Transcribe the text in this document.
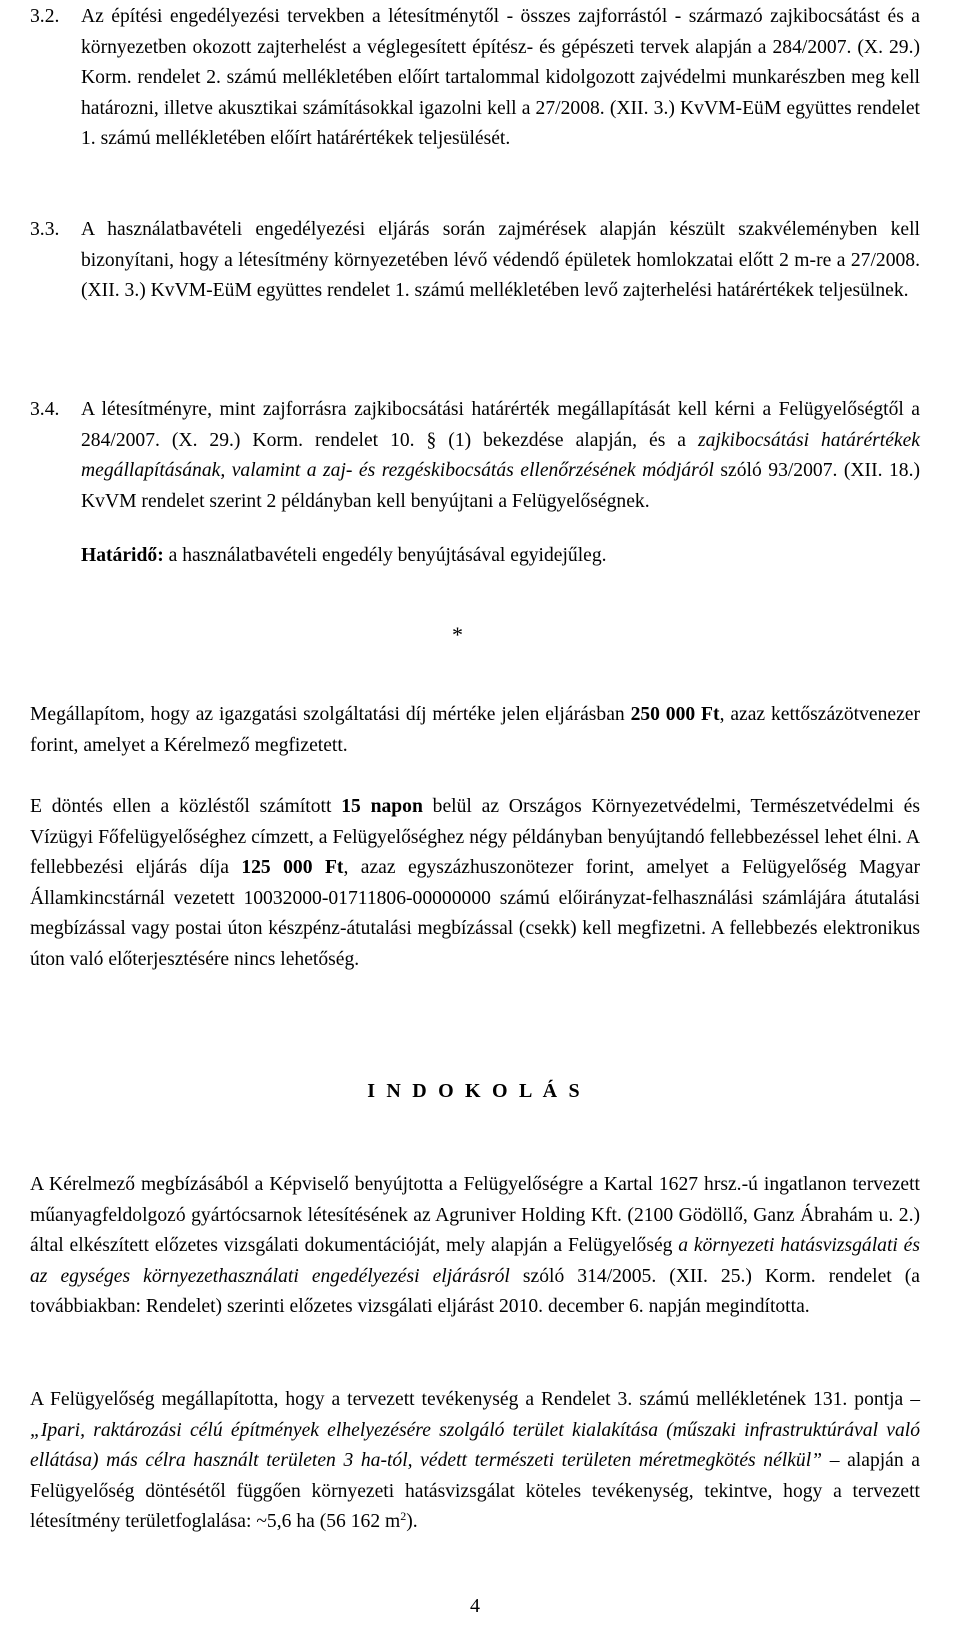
3.2.	Az építési engedélyezési tervekben a létesítménytől - összes zajforrástól - származó zajkibocsátást és a környezetben okozott zajterhelést a véglegesített építész- és gépészeti tervek alapján a 284/2007. (X. 29.) Korm. rendelet 2. számú mellékletében előírt tartalommal kidolgozott zajvédelmi munkarészben meg kell határozni, illetve akusztikai számításokkal igazolni kell a 27/2008. (XII. 3.) KvVM-EüM együttes rendelet 1. számú mellékletében előírt határértékek teljesülését.

3.3.	A használatbavételi engedélyezési eljárás során zajmérések alapján készült szakvéleményben kell bizonyítani, hogy a létesítmény környezetében lévő védendő épületek homlokzatai előtt 2 m-re a 27/2008. (XII. 3.) KvVM-EüM együttes rendelet 1. számú mellékletében levő zajterhelési határértékek teljesülnek.

3.4.	A létesítményre, mint zajforrásra zajkibocsátási határérték megállapítását kell kérni a Felügyelőségtől a 284/2007. (X. 29.) Korm. rendelet 10. § (1) bekezdése alapján, és a zajkibocsátási határértékek megállapításának, valamint a zaj- és rezgéskibocsátás ellenőrzésének módjáról szóló 93/2007. (XII. 18.) KvVM rendelet szerint 2 példányban kell benyújtani a Felügyelőségnek.

Határidő: a használatbavételi engedély benyújtásával egyidejűleg.

*

Megállapítom, hogy az igazgatási szolgáltatási díj mértéke jelen eljárásban 250 000 Ft, azaz kettőszázötvenezer forint, amelyet a Kérelmező megfizetett.

E döntés ellen a közléstől számított 15 napon belül az Országos Környezetvédelmi, Természetvédelmi és Vízügyi Főfelügyelőséghez címzett, a Felügyelőséghez négy példányban benyújtandó fellebbezéssel lehet élni. A fellebbezési eljárás díja 125 000 Ft, azaz egyszázhuszonötezer forint, amelyet a Felügyelőség Magyar Államkincstárnál vezetett 10032000-01711806-00000000 számú előirányzat-felhasználási számlájára átutalási megbízással vagy postai úton készpénz-átutalási megbízással (csekk) kell megfizetni. A fellebbezés elektronikus úton való előterjesztésére nincs lehetőség.

I N D O K O L Á S

A Kérelmező megbízásából a Képviselő benyújtotta a Felügyelőségre a Kartal 1627 hrsz.-ú ingatlanon tervezett műanyagfeldolgozó gyártócsarnok létesítésének az Agruniver Holding Kft. (2100 Gödöllő, Ganz Ábrahám u. 2.) által elkészített előzetes vizsgálati dokumentációját, mely alapján a Felügyelőség a környezeti hatásvizsgálati és az egységes környezethasználati engedélyezési eljárásról szóló 314/2005. (XII. 25.) Korm. rendelet (a továbbiakban: Rendelet) szerinti előzetes vizsgálati eljárást 2010. december 6. napján megindította.

A Felügyelőség megállapította, hogy a tervezett tevékenység a Rendelet 3. számú mellékletének 131. pontja – „Ipari, raktározási célú építmények elhelyezésére szolgáló terület kialakítása (műszaki infrastruktúrával való ellátása) más célra használt területen 3 ha-tól, védett természeti területen méretmegkötés nélkül” – alapján a Felügyelőség döntésétől függően környezeti hatásvizsgálat köteles tevékenység, tekintve, hogy a tervezett létesítmény területfoglalása: ~5,6 ha (56 162 $m^2$).

4
